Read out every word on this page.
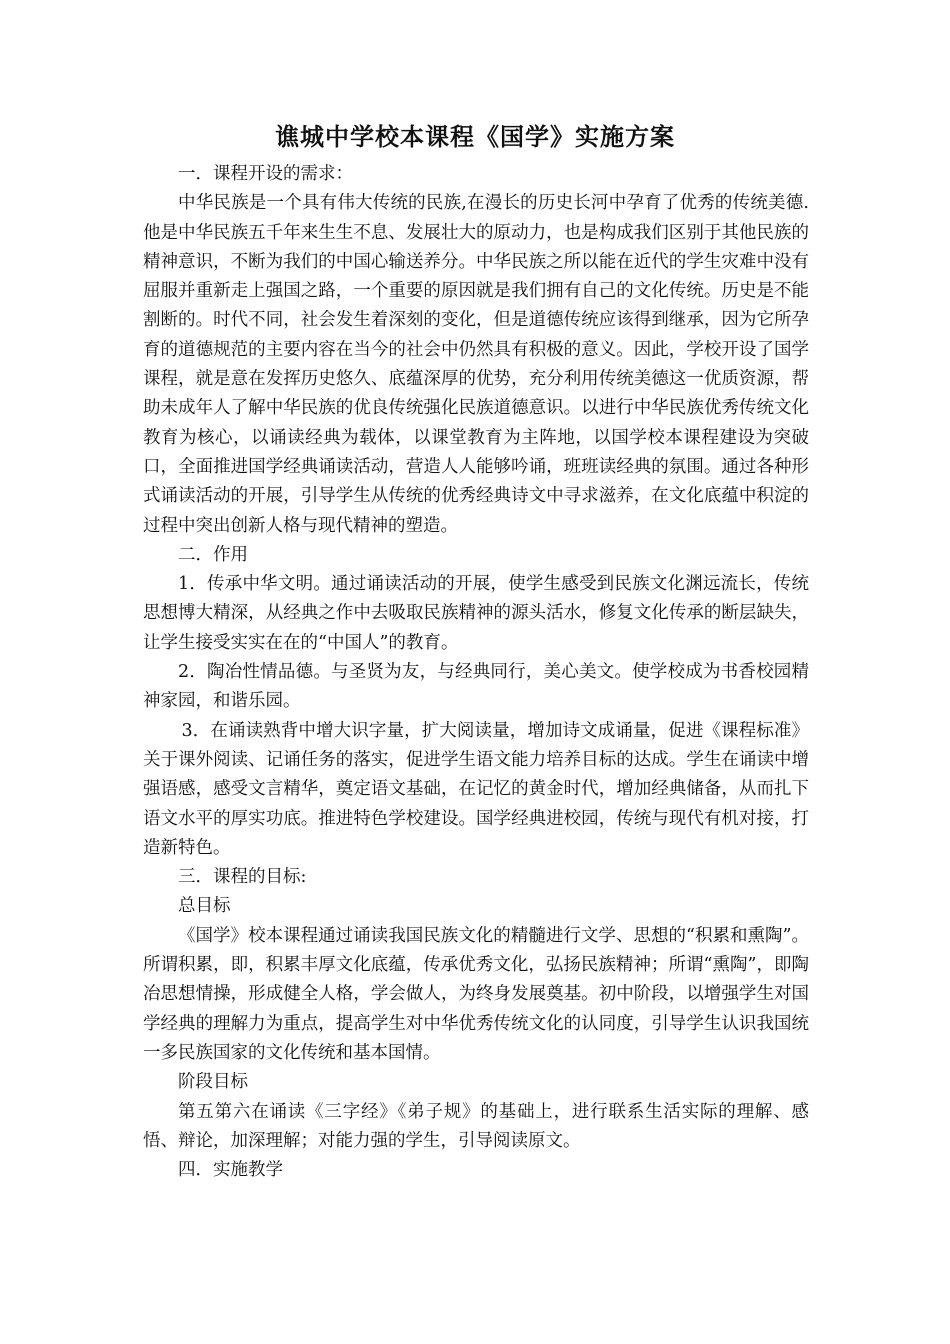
谯城中学校本课程《国学》实施方案

一．课程开设的需求：

中华民族是一个具有伟大传统的民族,在漫长的历史长河中孕育了优秀的传统美德.他是中华民族五千年来生生不息、发展壮大的原动力，也是构成我们区别于其他民族的精神意识，不断为我们的中国心输送养分。中华民族之所以能在近代的学生灾难中没有屈服并重新走上强国之路，一个重要的原因就是我们拥有自己的文化传统。历史是不能割断的。时代不同，社会发生着深刻的变化，但是道德传统应该得到继承，因为它所孕育的道德规范的主要内容在当今的社会中仍然具有积极的意义。因此，学校开设了国学课程，就是意在发挥历史悠久、底蕴深厚的优势，充分利用传统美德这一优质资源，帮助未成年人了解中华民族的优良传统强化民族道德意识。以进行中华民族优秀传统文化教育为核心，以诵读经典为载体，以课堂教育为主阵地，以国学校本课程建设为突破口，全面推进国学经典诵读活动，营造人人能够吟诵，班班读经典的氛围。通过各种形式诵读活动的开展，引导学生从传统的优秀经典诗文中寻求滋养，在文化底蕴中积淀的过程中突出创新人格与现代精神的塑造。

二．作用

1．传承中华文明。通过诵读活动的开展，使学生感受到民族文化渊远流长，传统思想博大精深，从经典之作中去吸取民族精神的源头活水，修复文化传承的断层缺失，让学生接受实实在在的“中国人”的教育。

2．陶冶性情品德。与圣贤为友，与经典同行，美心美文。使学校成为书香校园精神家园，和谐乐园。

3．在诵读熟背中增大识字量，扩大阅读量，增加诗文成诵量，促进《课程标准》关于课外阅读、记诵任务的落实，促进学生语文能力培养目标的达成。学生在诵读中增强语感，感受文言精华，奠定语文基础，在记忆的黄金时代，增加经典储备，从而扎下语文水平的厚实功底。推进特色学校建设。国学经典进校园，传统与现代有机对接，打造新特色。

三．课程的目标:

总目标

《国学》校本课程通过诵读我国民族文化的精髓进行文学、思想的“积累和熏陶”。所谓积累，即，积累丰厚文化底蕴，传承优秀文化，弘扬民族精神；所谓“熏陶”，即陶冶思想情操，形成健全人格，学会做人，为终身发展奠基。初中阶段，以增强学生对国学经典的理解力为重点，提高学生对中华优秀传统文化的认同度，引导学生认识我国统一多民族国家的文化传统和基本国情。

阶段目标

第五第六在诵读《三字经》《弟子规》的基础上，进行联系生活实际的理解、感悟、辩论，加深理解；对能力强的学生，引导阅读原文。

四．实施教学
